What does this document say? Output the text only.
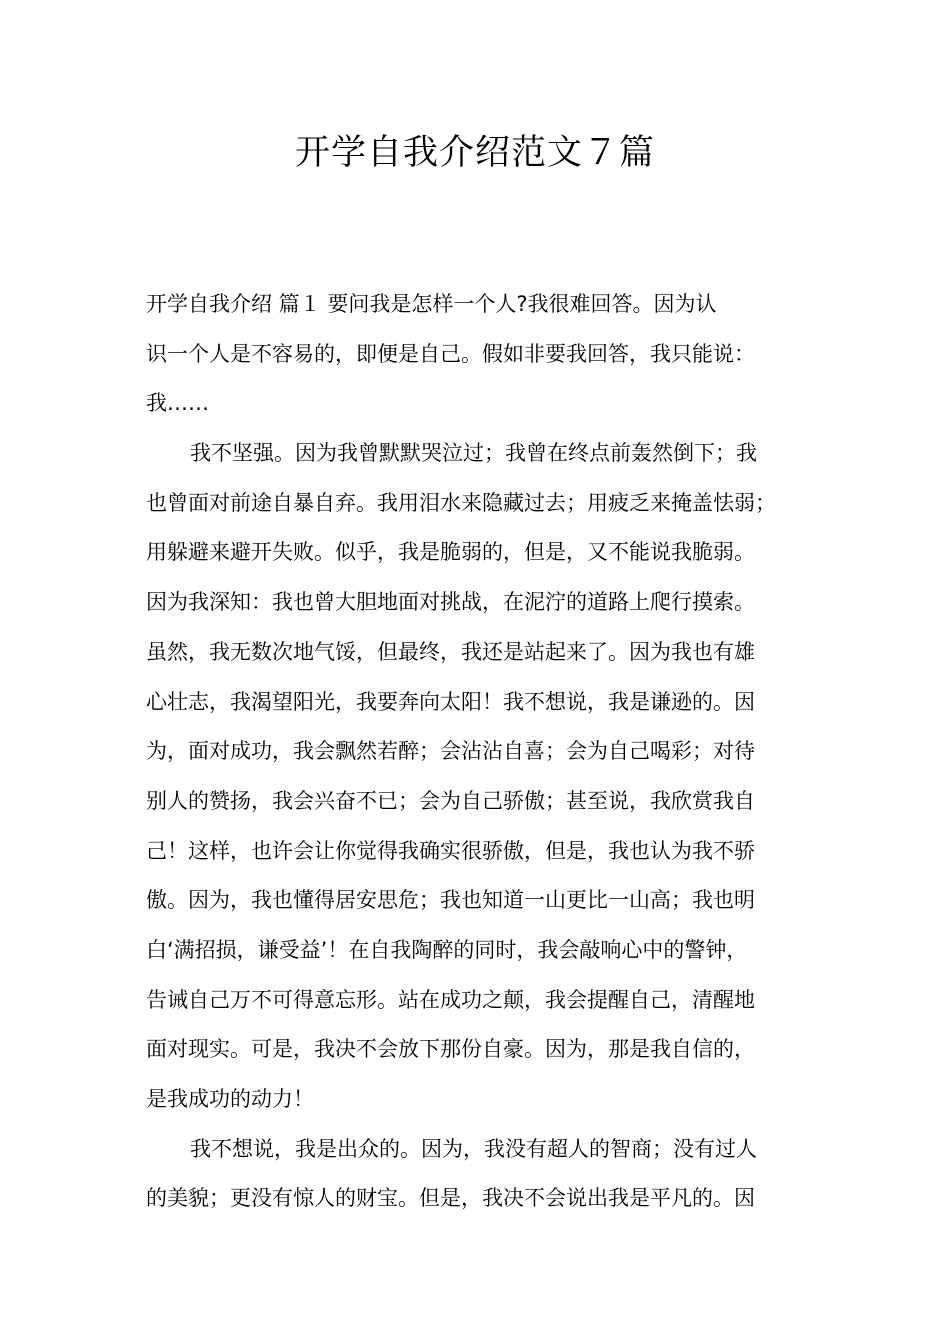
开学自我介绍范文７篇
开学自我介绍 篇１ 要问我是怎样一个人?我很难回答。因为认
识一个人是不容易的，即便是自己。假如非要我回答，我只能说：
我……
我不坚强。因为我曾默默哭泣过；我曾在终点前轰然倒下；我
也曾面对前途自暴自弃。我用泪水来隐藏过去；用疲乏来掩盖怯弱；
用躲避来避开失败。似乎，我是脆弱的，但是，又不能说我脆弱。
因为我深知：我也曾大胆地面对挑战，在泥泞的道路上爬行摸索。
虽然，我无数次地气馁，但最终，我还是站起来了。因为我也有雄
心壮志，我渴望阳光，我要奔向太阳！我不想说，我是谦逊的。因
为，面对成功，我会飘然若醉；会沾沾自喜；会为自己喝彩；对待
别人的赞扬，我会兴奋不已；会为自己骄傲；甚至说，我欣赏我自
己！这样，也许会让你觉得我确实很骄傲，但是，我也认为我不骄
傲。因为，我也懂得居安思危；我也知道一山更比一山高；我也明
白‘满招损，谦受益’！在自我陶醉的同时，我会敲响心中的警钟，
告诫自己万不可得意忘形。站在成功之颠，我会提醒自己，清醒地
面对现实。可是，我决不会放下那份自豪。因为，那是我自信的，
是我成功的动力！
我不想说，我是出众的。因为，我没有超人的智商；没有过人
的美貌；更没有惊人的财宝。但是，我决不会说出我是平凡的。因
